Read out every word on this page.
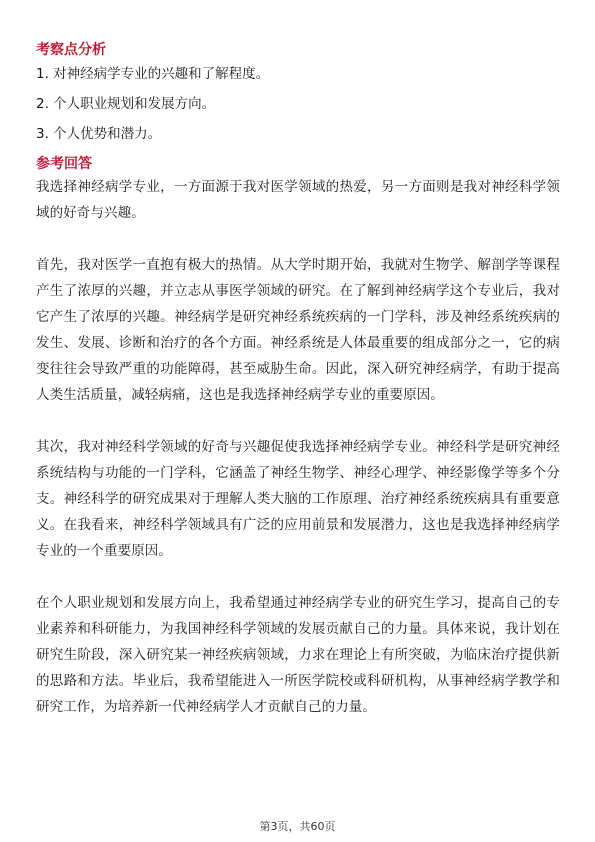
考察点分析
1. 对神经病学专业的兴趣和了解程度。
2. 个人职业规划和发展方向。
3. 个人优势和潜力。
参考回答

我选择神经病学专业，一方面源于我对医学领域的热爱，另一方面则是我对神经科学领域的好奇与兴趣。

首先，我对医学一直抱有极大的热情。从大学时期开始，我就对生物学、解剖学等课程产生了浓厚的兴趣，并立志从事医学领域的研究。在了解到神经病学这个专业后，我对它产生了浓厚的兴趣。神经病学是研究神经系统疾病的一门学科，涉及神经系统疾病的发生、发展、诊断和治疗的各个方面。神经系统是人体最重要的组成部分之一，它的病变往往会导致严重的功能障碍，甚至威胁生命。因此，深入研究神经病学，有助于提高人类生活质量，减轻病痛，这也是我选择神经病学专业的重要原因。

其次，我对神经科学领域的好奇与兴趣促使我选择神经病学专业。神经科学是研究神经系统结构与功能的一门学科，它涵盖了神经生物学、神经心理学、神经影像学等多个分支。神经科学的研究成果对于理解人类大脑的工作原理、治疗神经系统疾病具有重要意义。在我看来，神经科学领域具有广泛的应用前景和发展潜力，这也是我选择神经病学专业的一个重要原因。

在个人职业规划和发展方向上，我希望通过神经病学专业的研究生学习，提高自己的专业素养和科研能力，为我国神经科学领域的发展贡献自己的力量。具体来说，我计划在研究生阶段，深入研究某一神经疾病领域，力求在理论上有所突破，为临床治疗提供新的思路和方法。毕业后，我希望能进入一所医学院校或科研机构，从事神经病学教学和研究工作，为培养新一代神经病学人才贡献自己的力量。

第3页，共60页
